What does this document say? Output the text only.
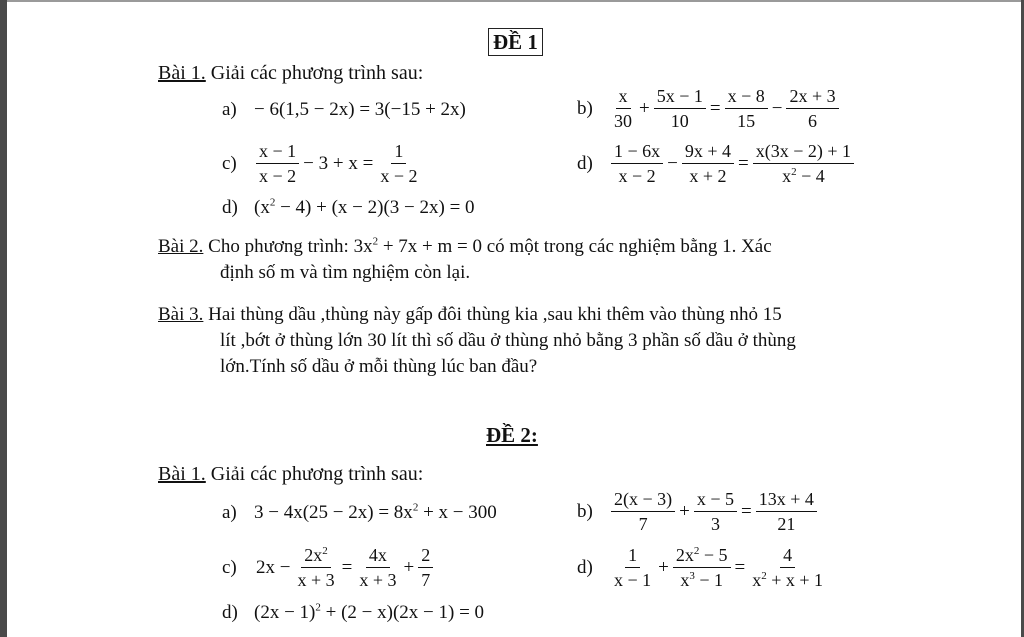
ĐỀ 1
Bài 1. Giải các phương trình sau:
a) − 6(1,5 − 2x) = 3(−15 + 2x)	b)	$\frac{x}{30} + \frac{5x - 1}{10} = \frac{x - 8}{15} - \frac{2x + 3}{6}$
c)	$\frac{x - 1}{x - 2} - 3 + x = \frac{1}{x - 2}$	d)	$\frac{1 - 6x}{x - 2} - \frac{9x + 4}{x + 2} = \frac{x(3x - 2) + 1}{x^2 - 4}$
d) $(x^2 - 4) + (x - 2)(3 - 2x) = 0$
Bài 2. Cho phương trình: $3x^2 + 7x + m = 0$ có một trong các nghiệm bằng 1. Xác
định số m và tìm nghiệm còn lại.
Bài 3. Hai thùng dầu ,thùng này gấp đôi thùng kia ,sau khi thêm vào thùng nhỏ 15
lít ,bớt ở thùng lớn 30 lít thì số dầu ở thùng nhỏ bằng 3 phần số dầu ở thùng
lớn.Tính số dầu ở mỗi thùng lúc ban đầu?
ĐỀ 2:
Bài 1. Giải các phương trình sau:
a) $3 - 4x(25 - 2x) = 8x^2 + x - 300$	b)	$\frac{2(x - 3)}{7} + \frac{x - 5}{3} = \frac{13x + 4}{21}$
c)	$2x - \frac{2x^2}{x + 3} = \frac{4x}{x + 3} + \frac{2}{7}$	d)	$\frac{1}{x - 1} + \frac{2x^2 - 5}{x^3 - 1} = \frac{4}{x^2 + x + 1}$
d) $(2x - 1)^2 + (2 - x)(2x - 1) = 0$
